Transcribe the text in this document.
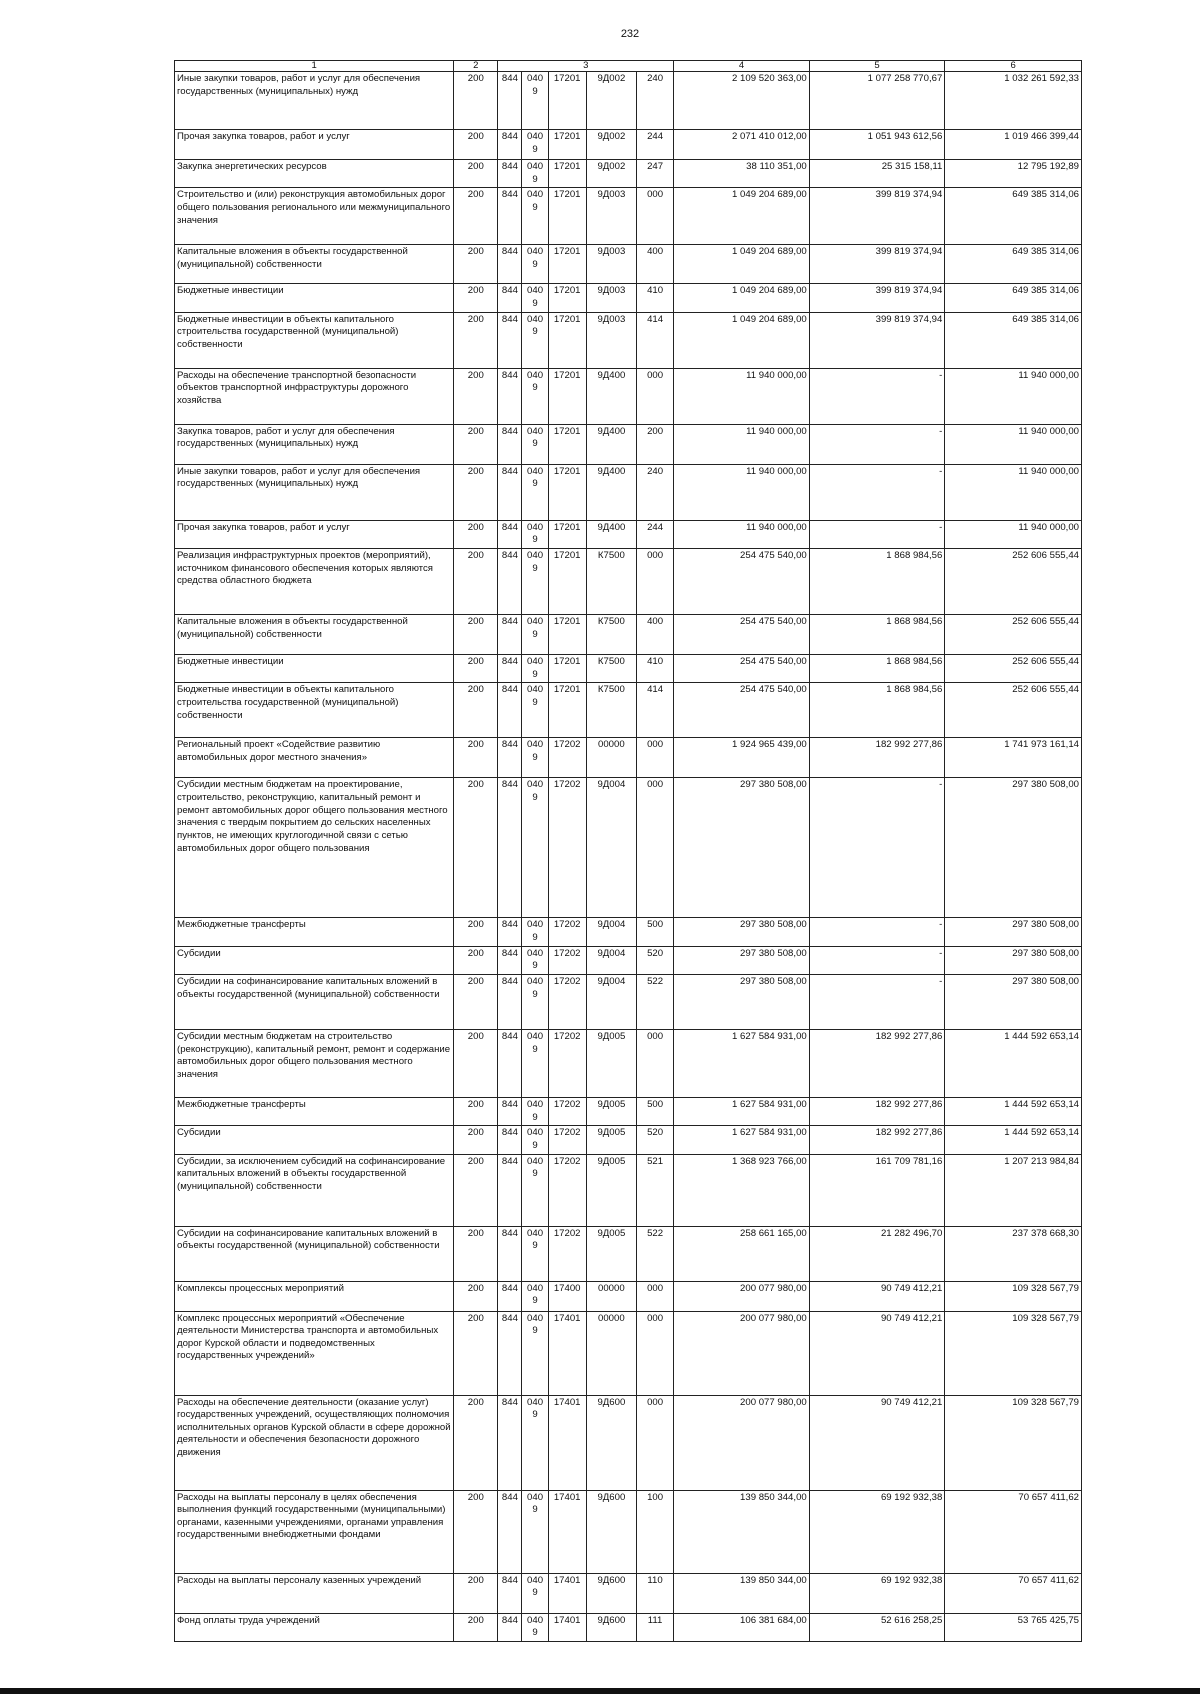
232
1	2	3					4	5	6
Иные закупки товаров, работ и услуг для обеспечения государственных (муниципальных) нужд	200	844	0409	17201	9Д002	240	2 109 520 363,00	1 077 258 770,67	1 032 261 592,33
Прочая закупка товаров, работ и услуг	200	844	0409	17201	9Д002	244	2 071 410 012,00	1 051 943 612,56	1 019 466 399,44
Закупка энергетических ресурсов	200	844	0409	17201	9Д002	247	38 110 351,00	25 315 158,11	12 795 192,89
Строительство и (или) реконструкция автомобильных дорог общего пользования регионального или межмуниципального значения	200	844	0409	17201	9Д003	000	1 049 204 689,00	399 819 374,94	649 385 314,06
Капитальные вложения в объекты государственной (муниципальной) собственности	200	844	0409	17201	9Д003	400	1 049 204 689,00	399 819 374,94	649 385 314,06
Бюджетные инвестиции	200	844	0409	17201	9Д003	410	1 049 204 689,00	399 819 374,94	649 385 314,06
Бюджетные инвестиции в объекты капитального строительства государственной (муниципальной) собственности	200	844	0409	17201	9Д003	414	1 049 204 689,00	399 819 374,94	649 385 314,06
Расходы на обеспечение транспортной безопасности объектов транспортной инфраструктуры дорожного хозяйства	200	844	0409	17201	9Д400	000	11 940 000,00	-	11 940 000,00
Закупка товаров, работ и услуг для обеспечения государственных (муниципальных) нужд	200	844	0409	17201	9Д400	200	11 940 000,00	-	11 940 000,00
Иные закупки товаров, работ и услуг для обеспечения государственных (муниципальных) нужд	200	844	0409	17201	9Д400	240	11 940 000,00	-	11 940 000,00
Прочая закупка товаров, работ и услуг	200	844	0409	17201	9Д400	244	11 940 000,00	-	11 940 000,00
Реализация инфраструктурных проектов (мероприятий), источником финансового обеспечения которых являются средства областного бюджета	200	844	0409	17201	К7500	000	254 475 540,00	1 868 984,56	252 606 555,44
Капитальные вложения в объекты государственной (муниципальной) собственности	200	844	0409	17201	К7500	400	254 475 540,00	1 868 984,56	252 606 555,44
Бюджетные инвестиции	200	844	0409	17201	К7500	410	254 475 540,00	1 868 984,56	252 606 555,44
Бюджетные инвестиции в объекты капитального строительства государственной (муниципальной) собственности	200	844	0409	17201	К7500	414	254 475 540,00	1 868 984,56	252 606 555,44
Региональный проект «Содействие развитию автомобильных дорог местного значения»	200	844	0409	17202	00000	000	1 924 965 439,00	182 992 277,86	1 741 973 161,14
Субсидии местным бюджетам на проектирование, строительство, реконструкцию, капитальный ремонт и ремонт автомобильных дорог общего пользования местного значения с твердым покрытием до сельских населенных пунктов, не имеющих круглогодичной связи с сетью автомобильных дорог общего пользования	200	844	0409	17202	9Д004	000	297 380 508,00	-	297 380 508,00
Межбюджетные трансферты	200	844	0409	17202	9Д004	500	297 380 508,00	-	297 380 508,00
Субсидии	200	844	0409	17202	9Д004	520	297 380 508,00	-	297 380 508,00
Субсидии на софинансирование капитальных вложений в объекты государственной (муниципальной) собственности	200	844	0409	17202	9Д004	522	297 380 508,00	-	297 380 508,00
Субсидии местным бюджетам на строительство (реконструкцию), капитальный ремонт, ремонт и содержание автомобильных дорог общего пользования местного значения	200	844	0409	17202	9Д005	000	1 627 584 931,00	182 992 277,86	1 444 592 653,14
Межбюджетные трансферты	200	844	0409	17202	9Д005	500	1 627 584 931,00	182 992 277,86	1 444 592 653,14
Субсидии	200	844	0409	17202	9Д005	520	1 627 584 931,00	182 992 277,86	1 444 592 653,14
Субсидии, за исключением субсидий на софинансирование капитальных вложений в объекты государственной (муниципальной) собственности	200	844	0409	17202	9Д005	521	1 368 923 766,00	161 709 781,16	1 207 213 984,84
Субсидии на софинансирование капитальных вложений в объекты государственной (муниципальной) собственности	200	844	0409	17202	9Д005	522	258 661 165,00	21 282 496,70	237 378 668,30
Комплексы процессных мероприятий	200	844	0409	17400	00000	000	200 077 980,00	90 749 412,21	109 328 567,79
Комплекс процессных мероприятий «Обеспечение деятельности Министерства транспорта и автомобильных дорог Курской области и подведомственных государственных учреждений»	200	844	0409	17401	00000	000	200 077 980,00	90 749 412,21	109 328 567,79
Расходы на обеспечение деятельности (оказание услуг) государственных учреждений, осуществляющих полномочия исполнительных органов Курской области в сфере дорожной деятельности и обеспечения безопасности дорожного движения	200	844	0409	17401	9Д600	000	200 077 980,00	90 749 412,21	109 328 567,79
Расходы на выплаты персоналу в целях обеспечения выполнения функций государственными (муниципальными) органами, казенными учреждениями, органами управления государственными внебюджетными фондами	200	844	0409	17401	9Д600	100	139 850 344,00	69 192 932,38	70 657 411,62
Расходы на выплаты персоналу казенных учреждений	200	844	0409	17401	9Д600	110	139 850 344,00	69 192 932,38	70 657 411,62
Фонд оплаты труда учреждений	200	844	0409	17401	9Д600	111	106 381 684,00	52 616 258,25	53 765 425,75
